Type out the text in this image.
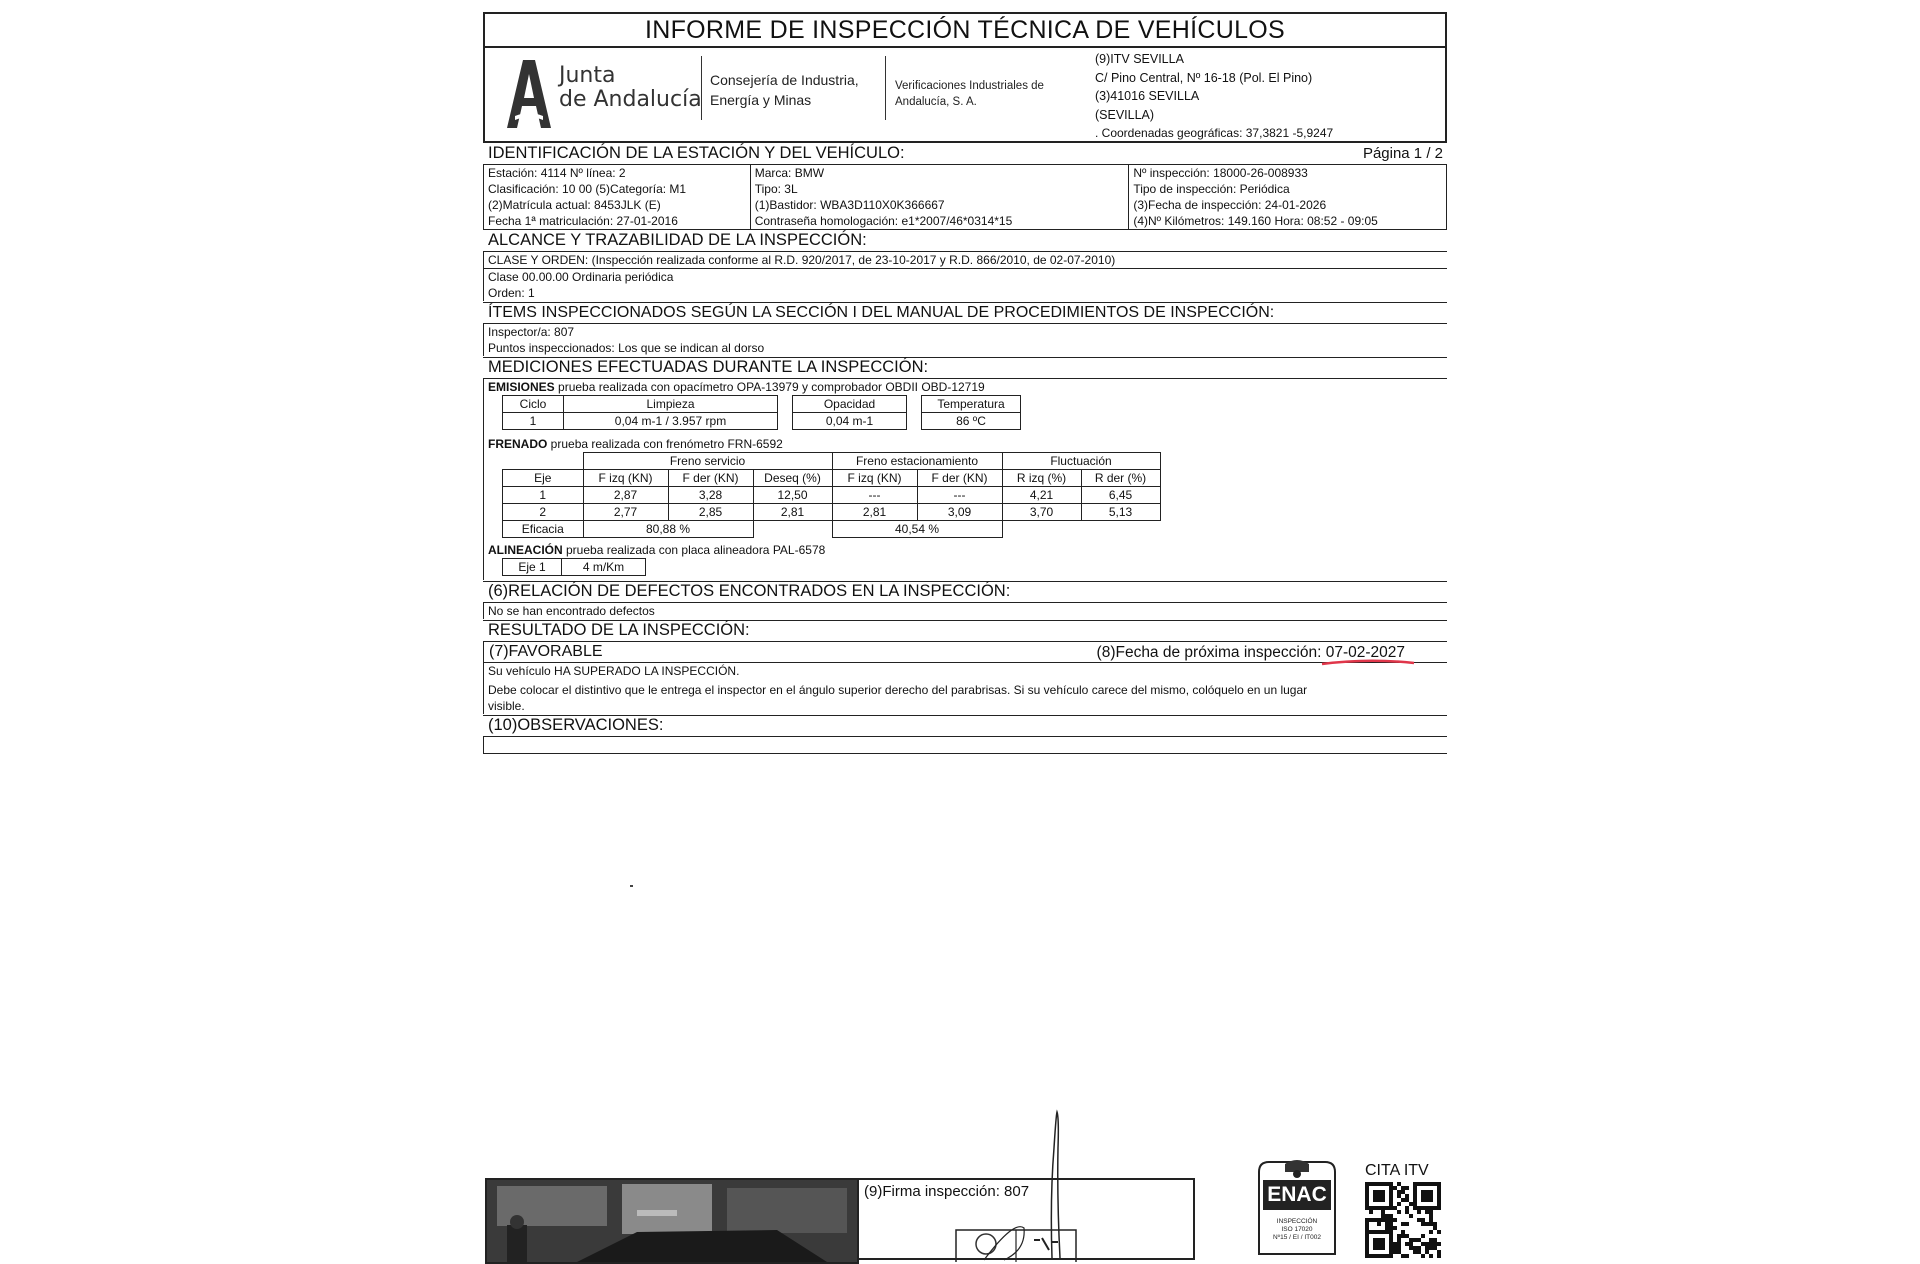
INFORME DE INSPECCIÓN TÉCNICA DE VEHÍCULOS
Junta
de Andalucía
Consejería de Industria,
Energía y Minas
Verificaciones Industriales de
Andalucía, S. A.
(9)ITV SEVILLA
C/ Pino Central, Nº 16-18 (Pol. El Pino)
(3)41016 SEVILLA
(SEVILLA)
. Coordenadas geográficas: 37,3821 -5,9247
IDENTIFICACIÓN DE LA ESTACIÓN Y DEL VEHÍCULO:	Página 1 / 2
Estación: 4114 Nº línea: 2
Clasificación: 10 00 (5)Categoría: M1
(2)Matrícula actual: 8453JLK (E)
Fecha 1ª matriculación: 27-01-2016
Marca: BMW
Tipo: 3L
(1)Bastidor: WBA3D110X0K366667
Contraseña homologación: e1*2007/46*0314*15
Nº inspección: 18000-26-008933
Tipo de inspección: Periódica
(3)Fecha de inspección: 24-01-2026
(4)Nº Kilómetros: 149.160 Hora: 08:52 - 09:05
ALCANCE Y TRAZABILIDAD DE LA INSPECCIÓN:
CLASE Y ORDEN: (Inspección realizada conforme al R.D. 920/2017, de 23-10-2017 y R.D. 866/2010, de 02-07-2010)
Clase 00.00.00 Ordinaria periódica
Orden: 1
ÍTEMS INSPECCIONADOS SEGÚN LA SECCIÓN I DEL MANUAL DE PROCEDIMIENTOS DE INSPECCIÓN:
Inspector/a: 807
Puntos inspeccionados: Los que se indican al dorso
MEDICIONES EFECTUADAS DURANTE LA INSPECCIÓN:
EMISIONES prueba realizada con opacímetro OPA-13979 y comprobador OBDII OBD-12719
Ciclo	Limpieza		Opacidad		Temperatura
1	0,04 m-1 / 3.957 rpm		0,04 m-1		86 ºC
FRENADO prueba realizada con frenómetro FRN-6592
	Freno servicio			Freno estacionamiento		Fluctuación	
Eje	F izq (KN)	F der (KN)	Deseq (%)	F izq (KN)	F der (KN)	R izq (%)	R der (%)
1	2,87	3,28	12,50	---	---	4,21	6,45
2	2,77	2,85	2,81	2,81	3,09	3,70	5,13
Eficacia	80,88 %			40,54 %			
ALINEACIÓN prueba realizada con placa alineadora PAL-6578
Eje 1	4 m/Km
(6)RELACIÓN DE DEFECTOS ENCONTRADOS EN LA INSPECCIÓN:
No se han encontrado defectos
RESULTADO DE LA INSPECCIÓN:
(7)FAVORABLE	(8)Fecha de próxima inspección: 07-02-2027
Su vehículo HA SUPERADO LA INSPECCIÓN.
Debe colocar el distintivo que le entrega el inspector en el ángulo superior derecho del parabrisas. Si su vehículo carece del mismo, colóquelo en un lugar
visible.
(10)OBSERVACIONES:
(9)Firma inspección: 807	ENAC
INSPECCIÓN
ISO 17020
Nº15 / EI / IT002
CITA ITV
